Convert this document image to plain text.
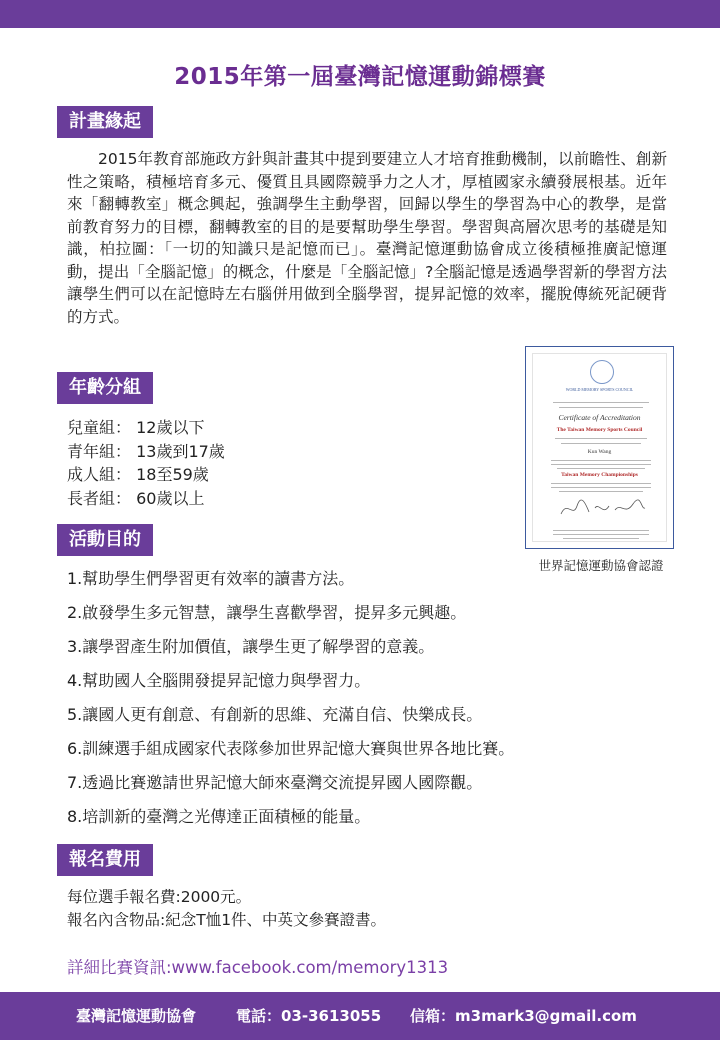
2015年第一屆臺灣記憶運動錦標賽
計畫緣起

2015年教育部施政方針與計畫其中提到要建立人才培育推動機制，以前瞻性、創新性之策略，積極培育多元、優質且具國際競爭力之人才，厚植國家永續發展根基。近年來「翻轉教室」概念興起，強調學生主動學習，回歸以學生的學習為中心的教學，是當前教育努力的目標，翻轉教室的目的是要幫助學生學習。學習與高層次思考的基礎是知識，柏拉圖：「一切的知識只是記憶而已」。臺灣記憶運動協會成立後積極推廣記憶運動，提出「全腦記憶」的概念，什麼是「全腦記憶」?全腦記憶是透過學習新的學習方法讓學生們可以在記憶時左右腦併用做到全腦學習，提昇記憶的效率，擺脫傳統死記硬背的方式。

年齡分組
兒童組： 12歲以下
青年組： 13歲到17歲
成人組： 18至59歲
長者組： 60歲以上
WORLD MEMORY SPORTS COUNCIL
Certificate of Accreditation
The Taiwan Memory Sports Council
Kun Wang
Taiwan Memory Championships
世界記憶運動協會認證
活動目的
1.幫助學生們學習更有效率的讀書方法。
2.啟發學生多元智慧，讓學生喜歡學習，提昇多元興趣。
3.讓學習產生附加價值，讓學生更了解學習的意義。
4.幫助國人全腦開發提昇記憶力與學習力。
5.讓國人更有創意、有創新的思維、充滿自信、快樂成長。
6.訓練選手組成國家代表隊參加世界記憶大賽與世界各地比賽。
7.透過比賽邀請世界記憶大師來臺灣交流提昇國人國際觀。
8.培訓新的臺灣之光傳達正面積極的能量。
報名費用
每位選手報名費:2000元。
報名內含物品:紀念T恤1件、中英文參賽證書。
詳細比賽資訊:www.facebook.com/memory1313
臺灣記憶運動協會	電話：03-3613055 信箱：m3mark3@gmail.com
